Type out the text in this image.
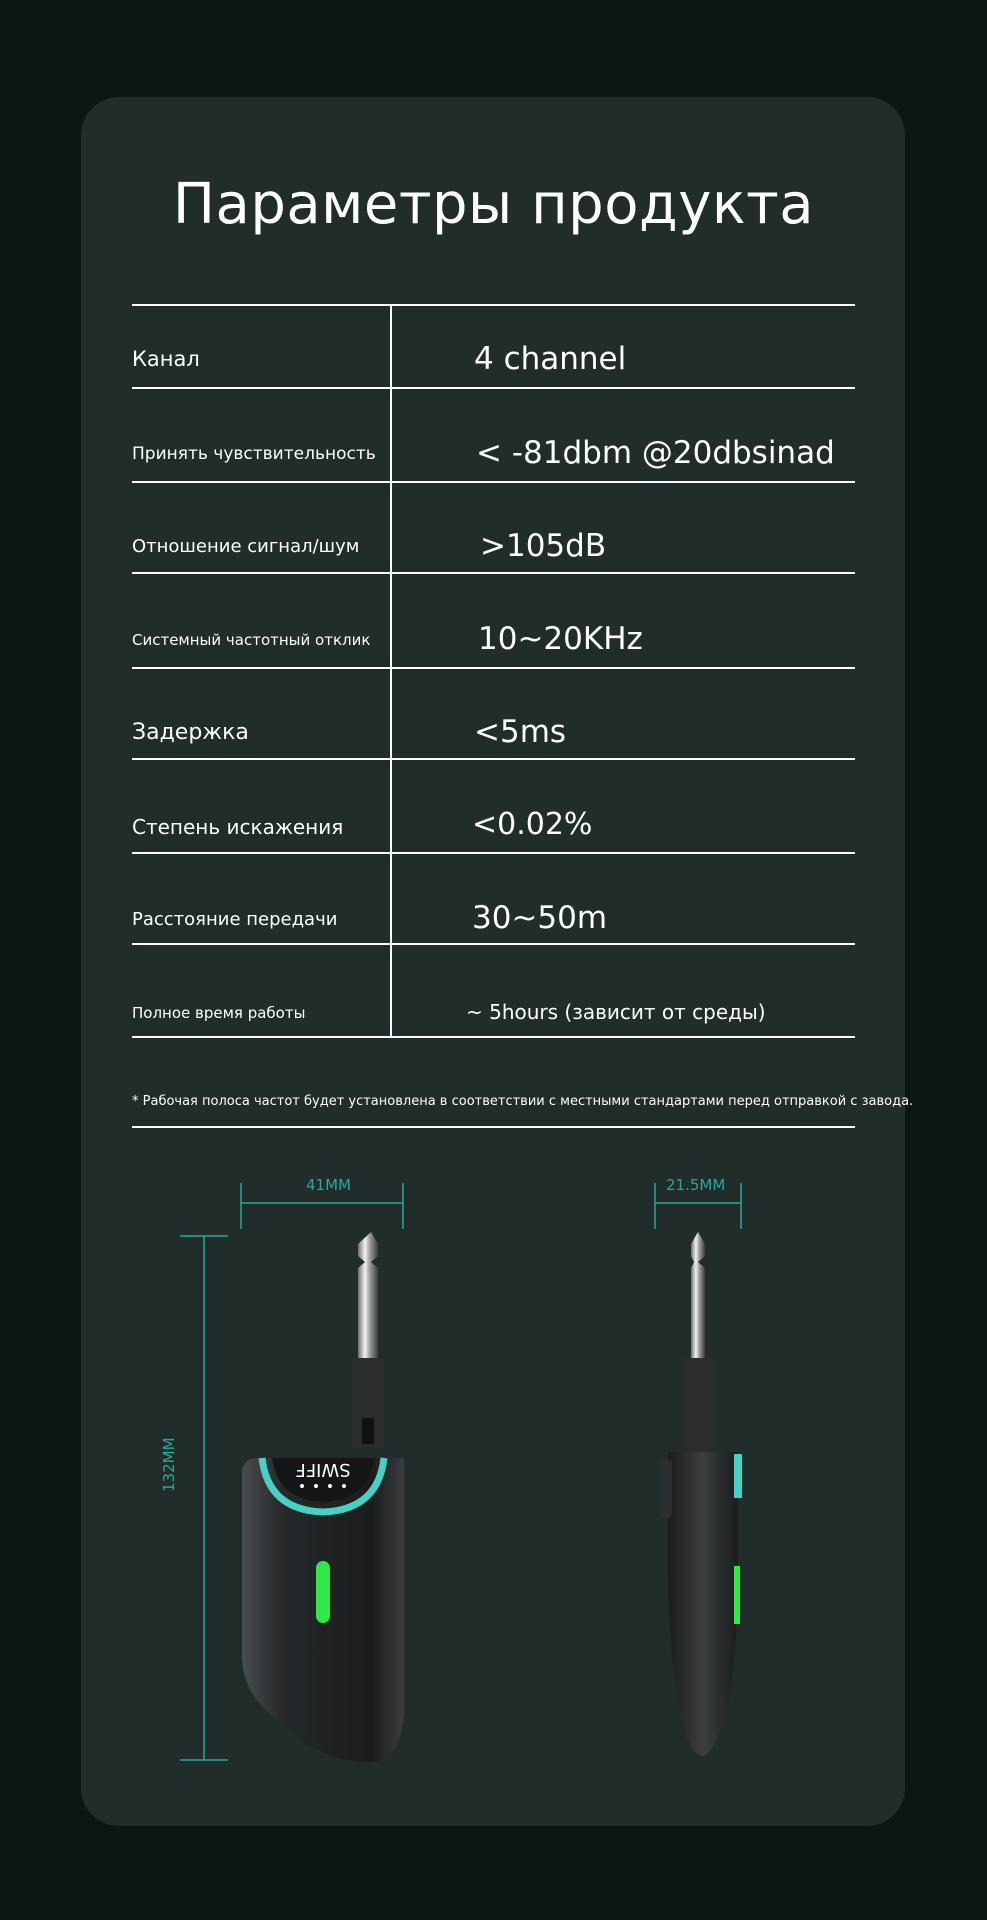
Параметры продукта
Канал	4 channel
Принять чувствительность	< -81dbm @20dbsinad
Отношение сигнал/шум	>105dB
Системный частотный отклик	10~20KHz
Задержка	<5ms
Степень искажения	<0.02%
Расстояние передачи	30~50m
Полное время работы	~ 5hours (зависит от среды)
* Рабочая полоса частот будет установлена в соответствии с местными стандартами перед отправкой с завода.
41MM	21.5MM
132MM	SWIFF
